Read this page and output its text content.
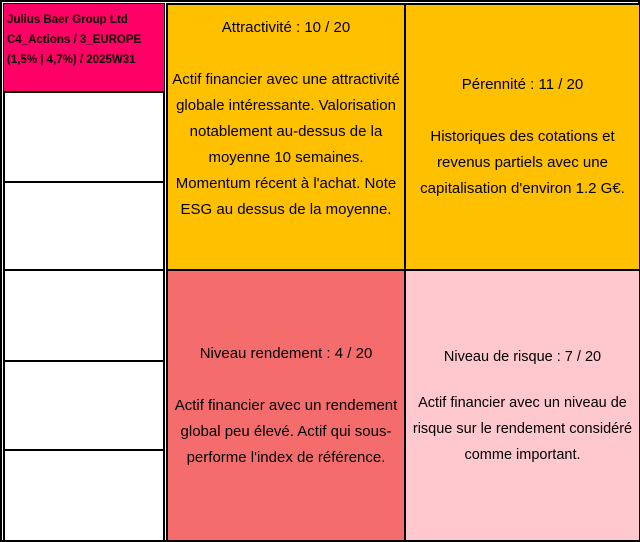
Julius Baer Group Ltd
C4_Actions / 3_EUROPE
(1,5% | 4,7%) / 2025W31
Attractivité : 10 / 20
Actif financier avec une attractivité globale intéressante. Valorisation notablement au-dessus de la moyenne 10 semaines. Momentum récent à l'achat. Note ESG au dessus de la moyenne.
Pérennité : 11 / 20
Historiques des cotations et revenus partiels avec une capitalisation d'environ 1.2 G€.
Niveau rendement : 4 / 20
Actif financier avec un rendement global peu élevé. Actif qui sous-performe l'index de référence.
Niveau de risque : 7 / 20
Actif financier avec un niveau de risque sur le rendement considéré comme important.
